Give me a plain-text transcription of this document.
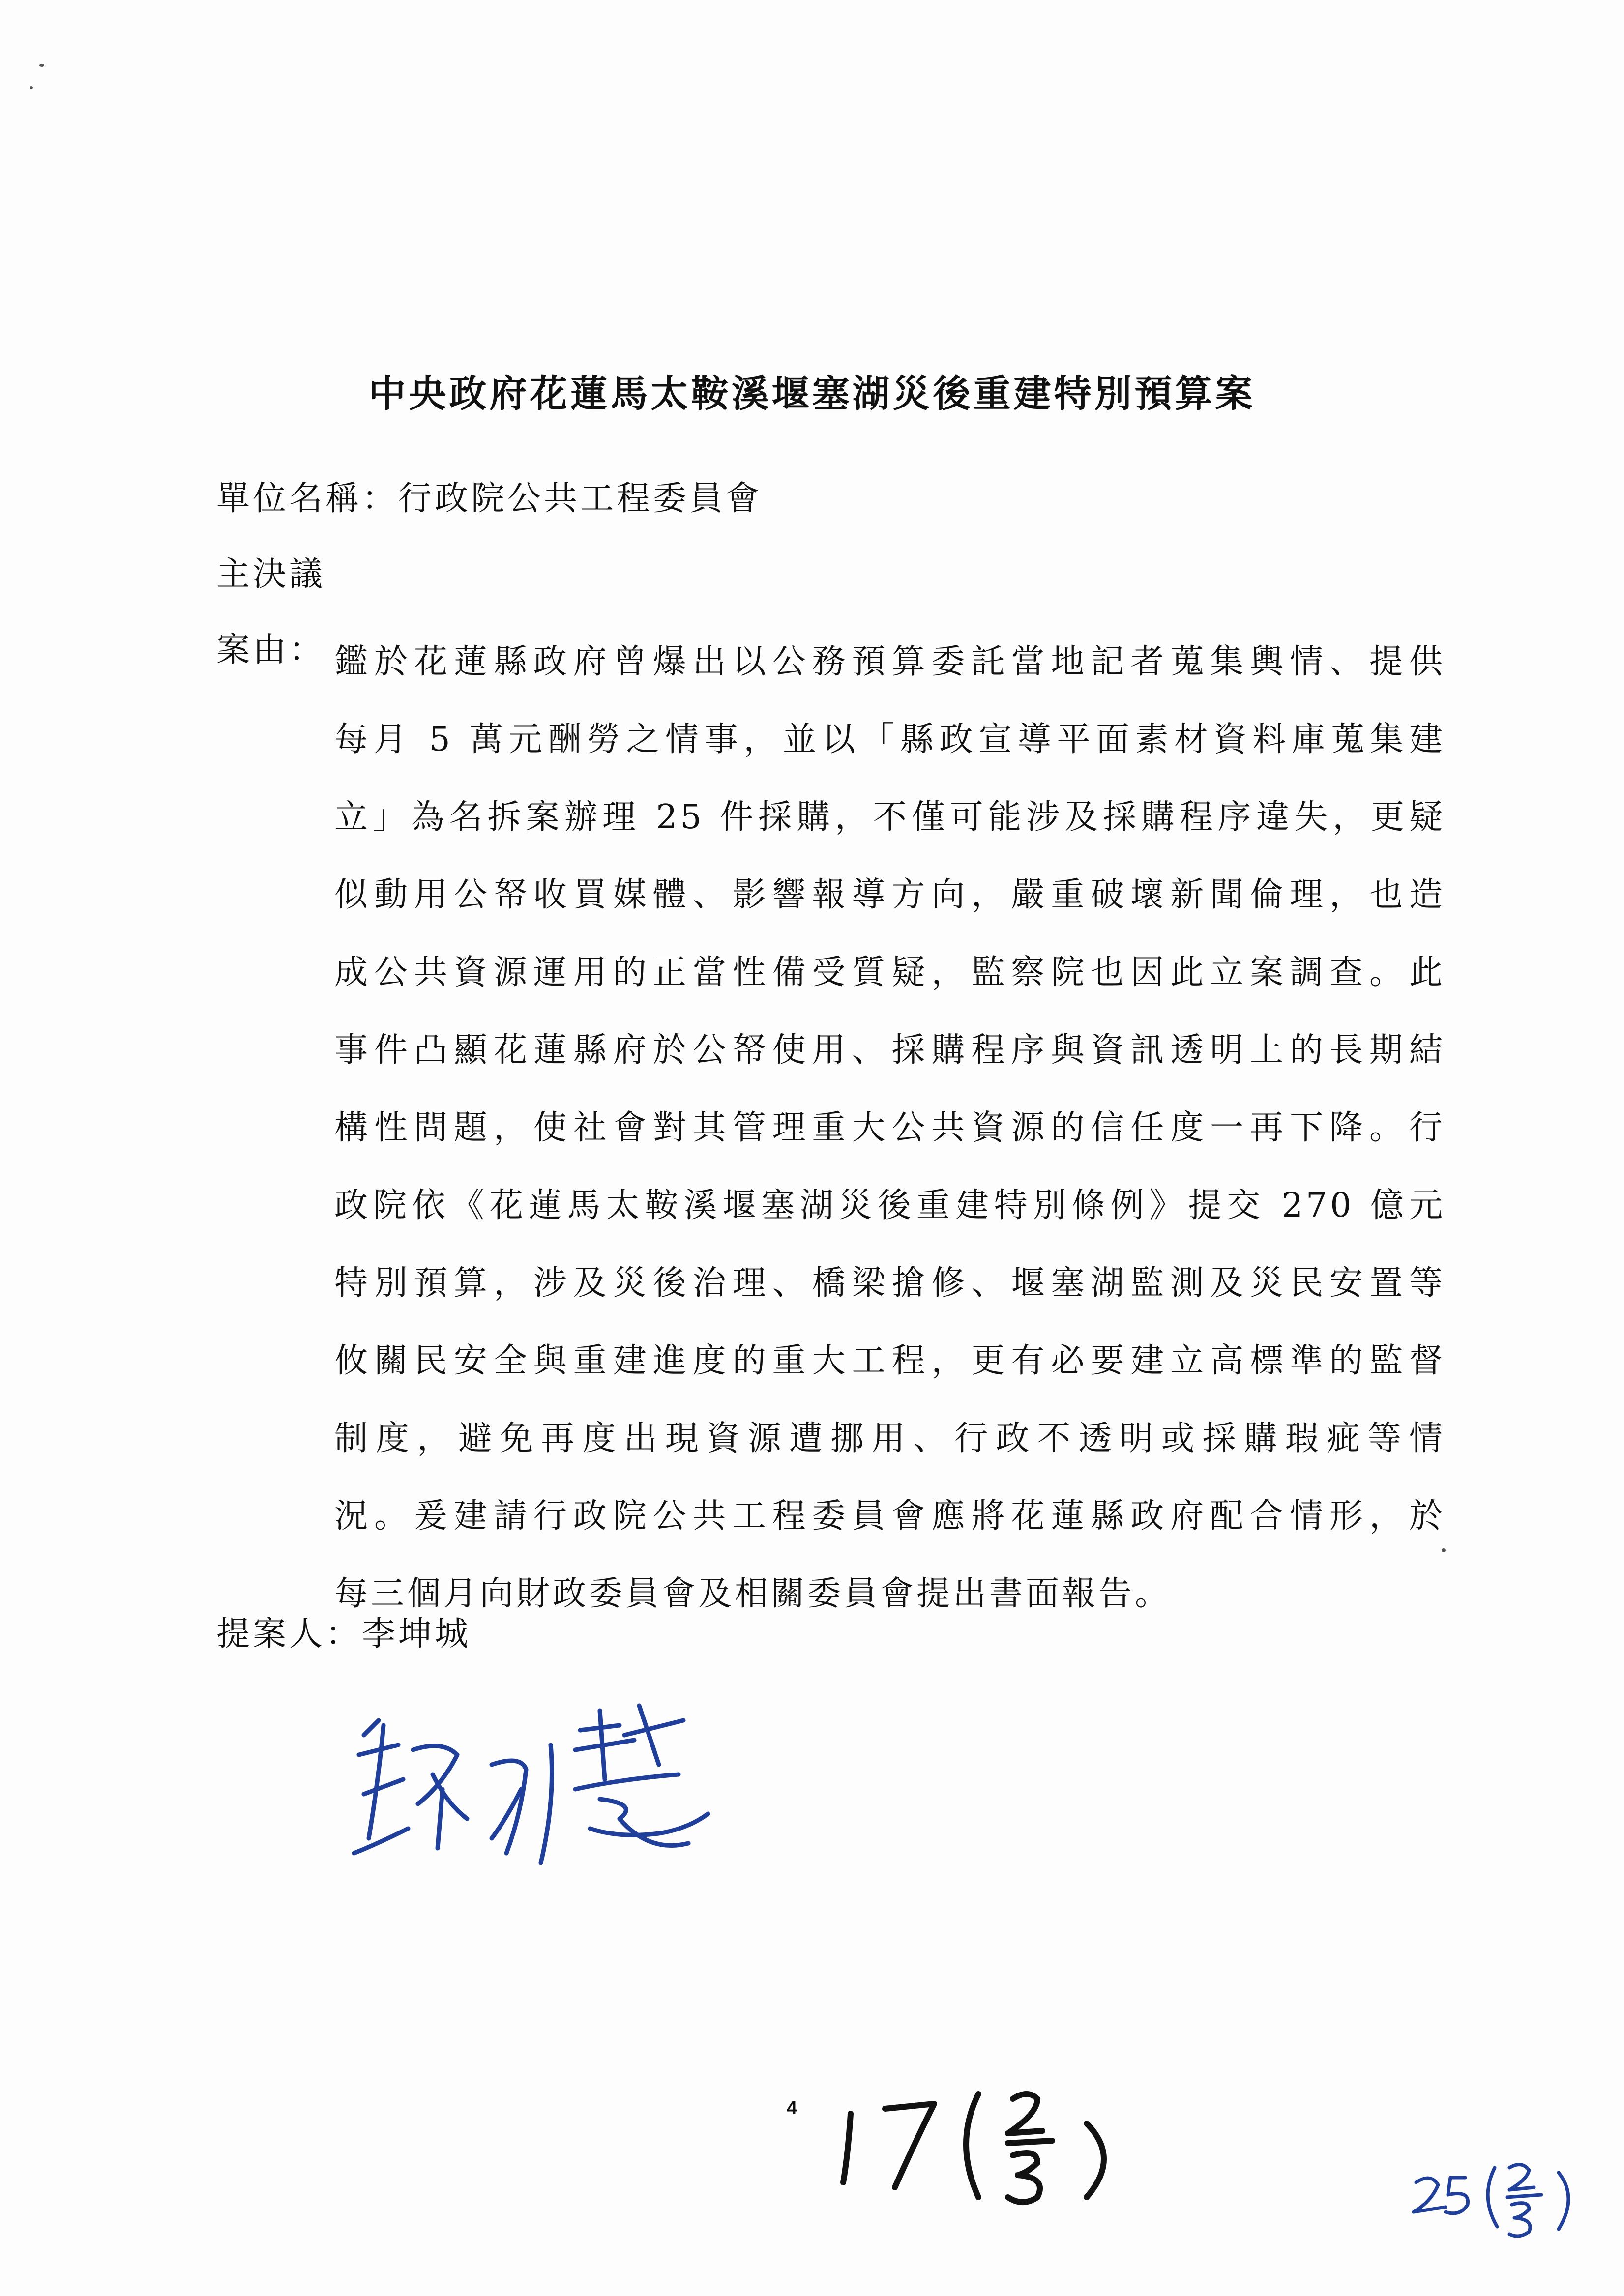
中央政府花蓮馬太鞍溪堰塞湖災後重建特別預算案
單位名稱：行政院公共工程委員會
主決議
案由： 鑑於花蓮縣政府曾爆出以公務預算委託當地記者蒐集輿情、提供
每月 5 萬元酬勞之情事，並以「縣政宣導平面素材資料庫蒐集建
立」為名拆案辦理 25 件採購，不僅可能涉及採購程序違失，更疑
似動用公帑收買媒體、影響報導方向，嚴重破壞新聞倫理，也造
成公共資源運用的正當性備受質疑，監察院也因此立案調查。此
事件凸顯花蓮縣府於公帑使用、採購程序與資訊透明上的長期結
構性問題，使社會對其管理重大公共資源的信任度一再下降。行
政院依《花蓮馬太鞍溪堰塞湖災後重建特別條例》提交 270 億元
特別預算，涉及災後治理、橋梁搶修、堰塞湖監測及災民安置等
攸關民安全與重建進度的重大工程，更有必要建立高標準的監督
制度，避免再度出現資源遭挪用、行政不透明或採購瑕疵等情
況。爰建請行政院公共工程委員會應將花蓮縣政府配合情形，於
每三個月向財政委員會及相關委員會提出書面報告。
提案人：李坤城
4
